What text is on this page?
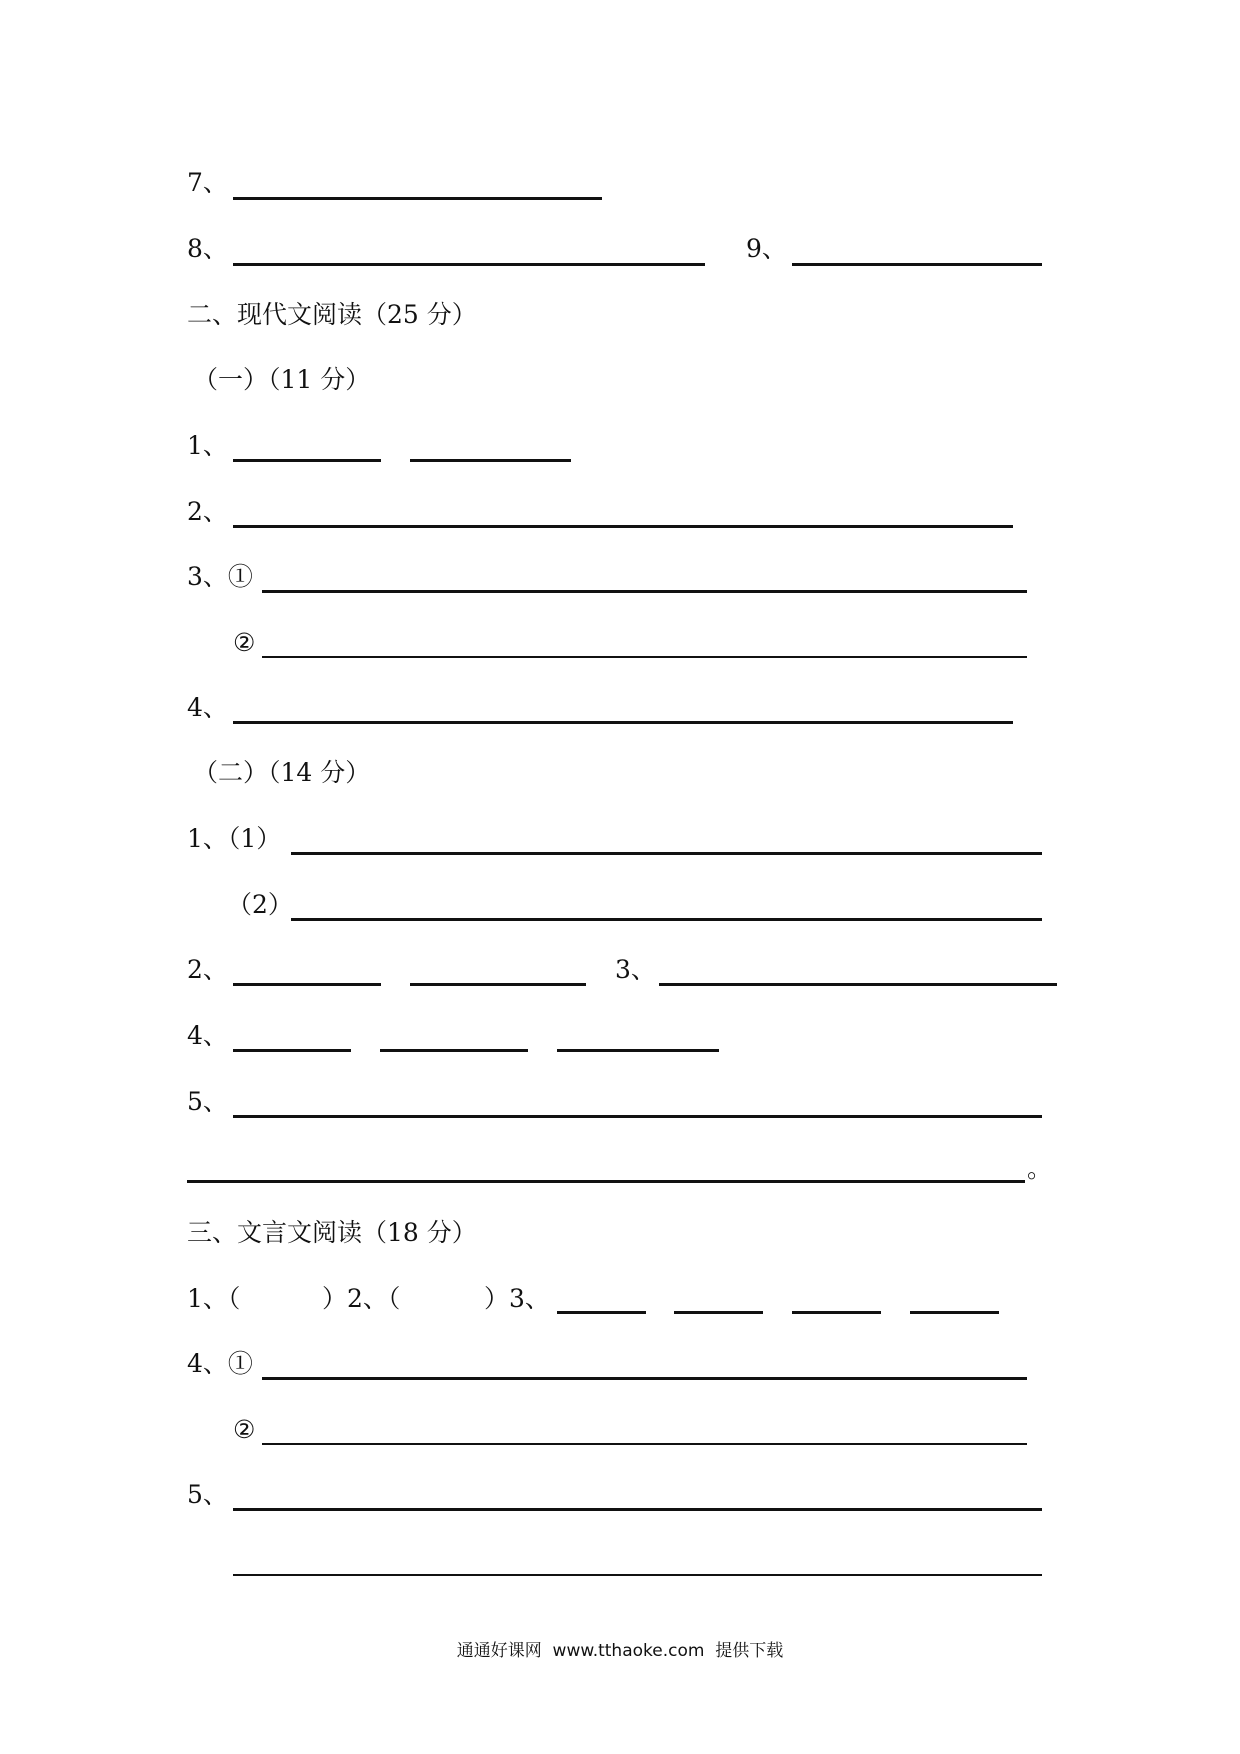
7、
8、	9、
二、现代文阅读（25 分）
（一）（11 分）
1、
2、
3、①
②
4、
（二）（14 分）
1、（1）
（2）
2、	3、
4、
5、
。
三、文言文阅读（18 分）
1、（	）2、（	）3、
4、①
②
5、
通通好课网  www.tthaoke.com  提供下载
